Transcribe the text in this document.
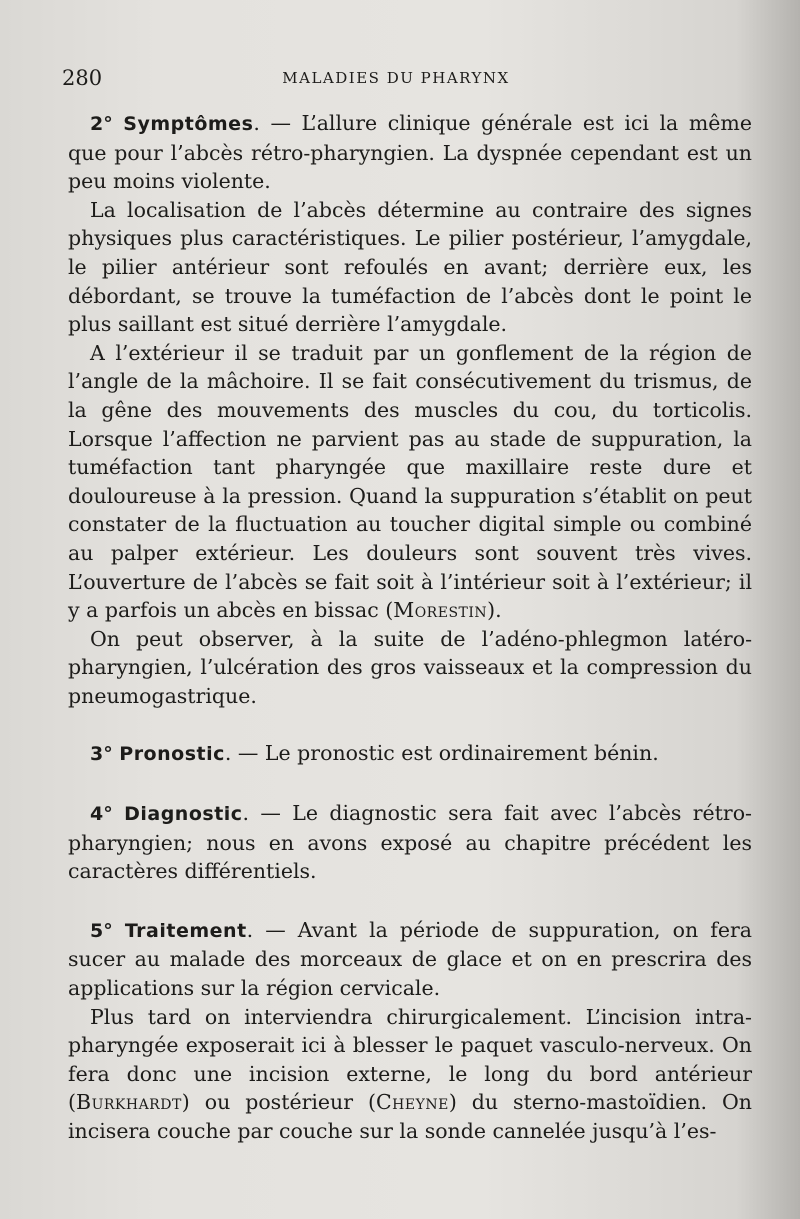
280	MALADIES DU PHARYNX

2° Symptômes. — L’allure clinique générale est ici la même que pour l’abcès rétro-pharyngien. La dyspnée cependant est un peu moins violente.

La localisation de l’abcès détermine au contraire des signes physiques plus caractéristiques. Le pilier postérieur, l’amygdale, le pilier antérieur sont refoulés en avant; derrière eux, les débordant, se trouve la tuméfaction de l’abcès dont le point le plus saillant est situé derrière l’amygdale.

A l’extérieur il se traduit par un gonflement de la région de l’angle de la mâchoire. Il se fait consécutivement du trismus, de la gêne des mouvements des muscles du cou, du torticolis. Lorsque l’affection ne parvient pas au stade de suppuration, la tuméfaction tant pharyngée que maxillaire reste dure et douloureuse à la pression. Quand la suppuration s’établit on peut constater de la fluctuation au toucher digital simple ou combiné au palper extérieur. Les douleurs sont souvent très vives. L’ouverture de l’abcès se fait soit à l’intérieur soit à l’extérieur; il y a parfois un abcès en bissac (Morestin).

On peut observer, à la suite de l’adéno-phlegmon latéro-pharyngien, l’ulcération des gros vaisseaux et la compression du pneumogastrique.

3° Pronostic. — Le pronostic est ordinairement bénin.

4° Diagnostic. — Le diagnostic sera fait avec l’abcès rétro-pharyngien; nous en avons exposé au chapitre précédent les caractères différentiels.

5° Traitement. — Avant la période de suppuration, on fera sucer au malade des morceaux de glace et on en prescrira des applications sur la région cervicale.

Plus tard on interviendra chirurgicalement. L’incision intra-pharyngée exposerait ici à blesser le paquet vasculo-nerveux. On fera donc une incision externe, le long du bord antérieur (Burkhardt) ou postérieur (Cheyne) du sterno-mastoïdien. On incisera couche par couche sur la sonde cannelée jusqu’à l’es-
